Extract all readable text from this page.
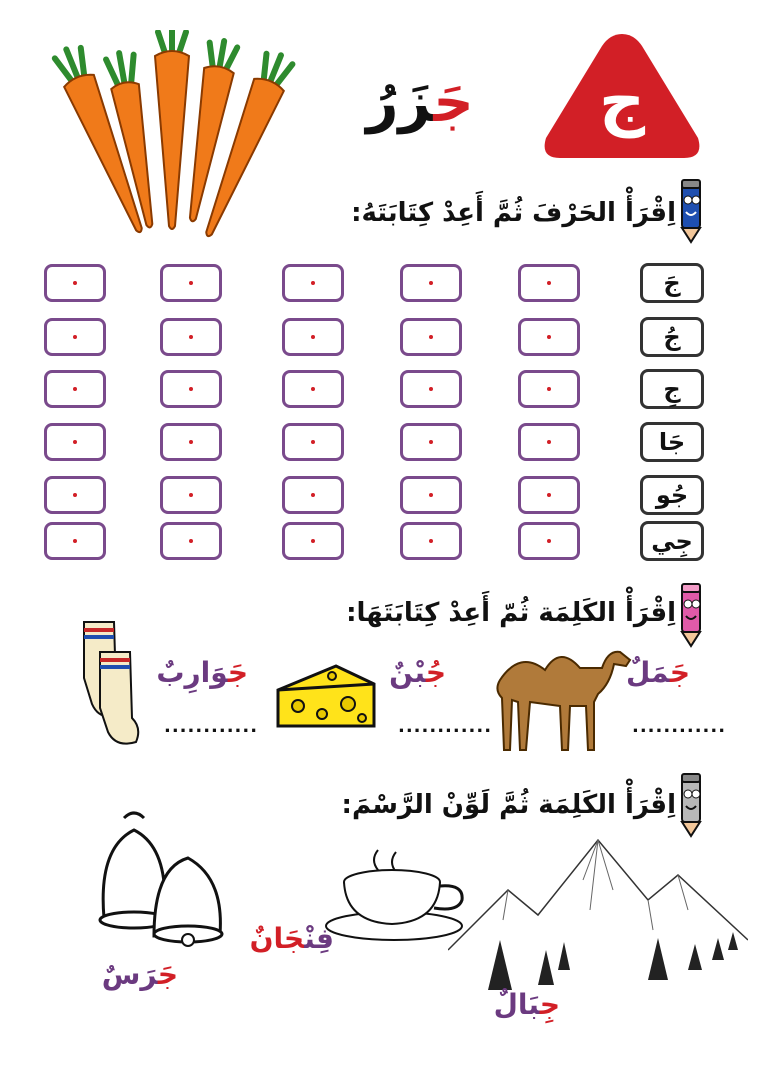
ج
جَزَرُ
اِقْرَأْ الحَرْفَ ثُمَّ أَعِدْ كِتَابَتَهُ:
جَ
جُ
جِ
جَا
جُو
جِي
اِقْرَأْ الكَلِمَة ثُمّ أَعِدْ كِتَابَتَهَا:
جَمَلٌ
............
جُبْنٌ
............
جَوَارِبٌ
............
اِقْرَأْ الكَلِمَة ثُمَّ لَوِّنْ الرَّسْمَ:
جِبَالٌ
فِنْجَانٌ
جَرَسٌ
